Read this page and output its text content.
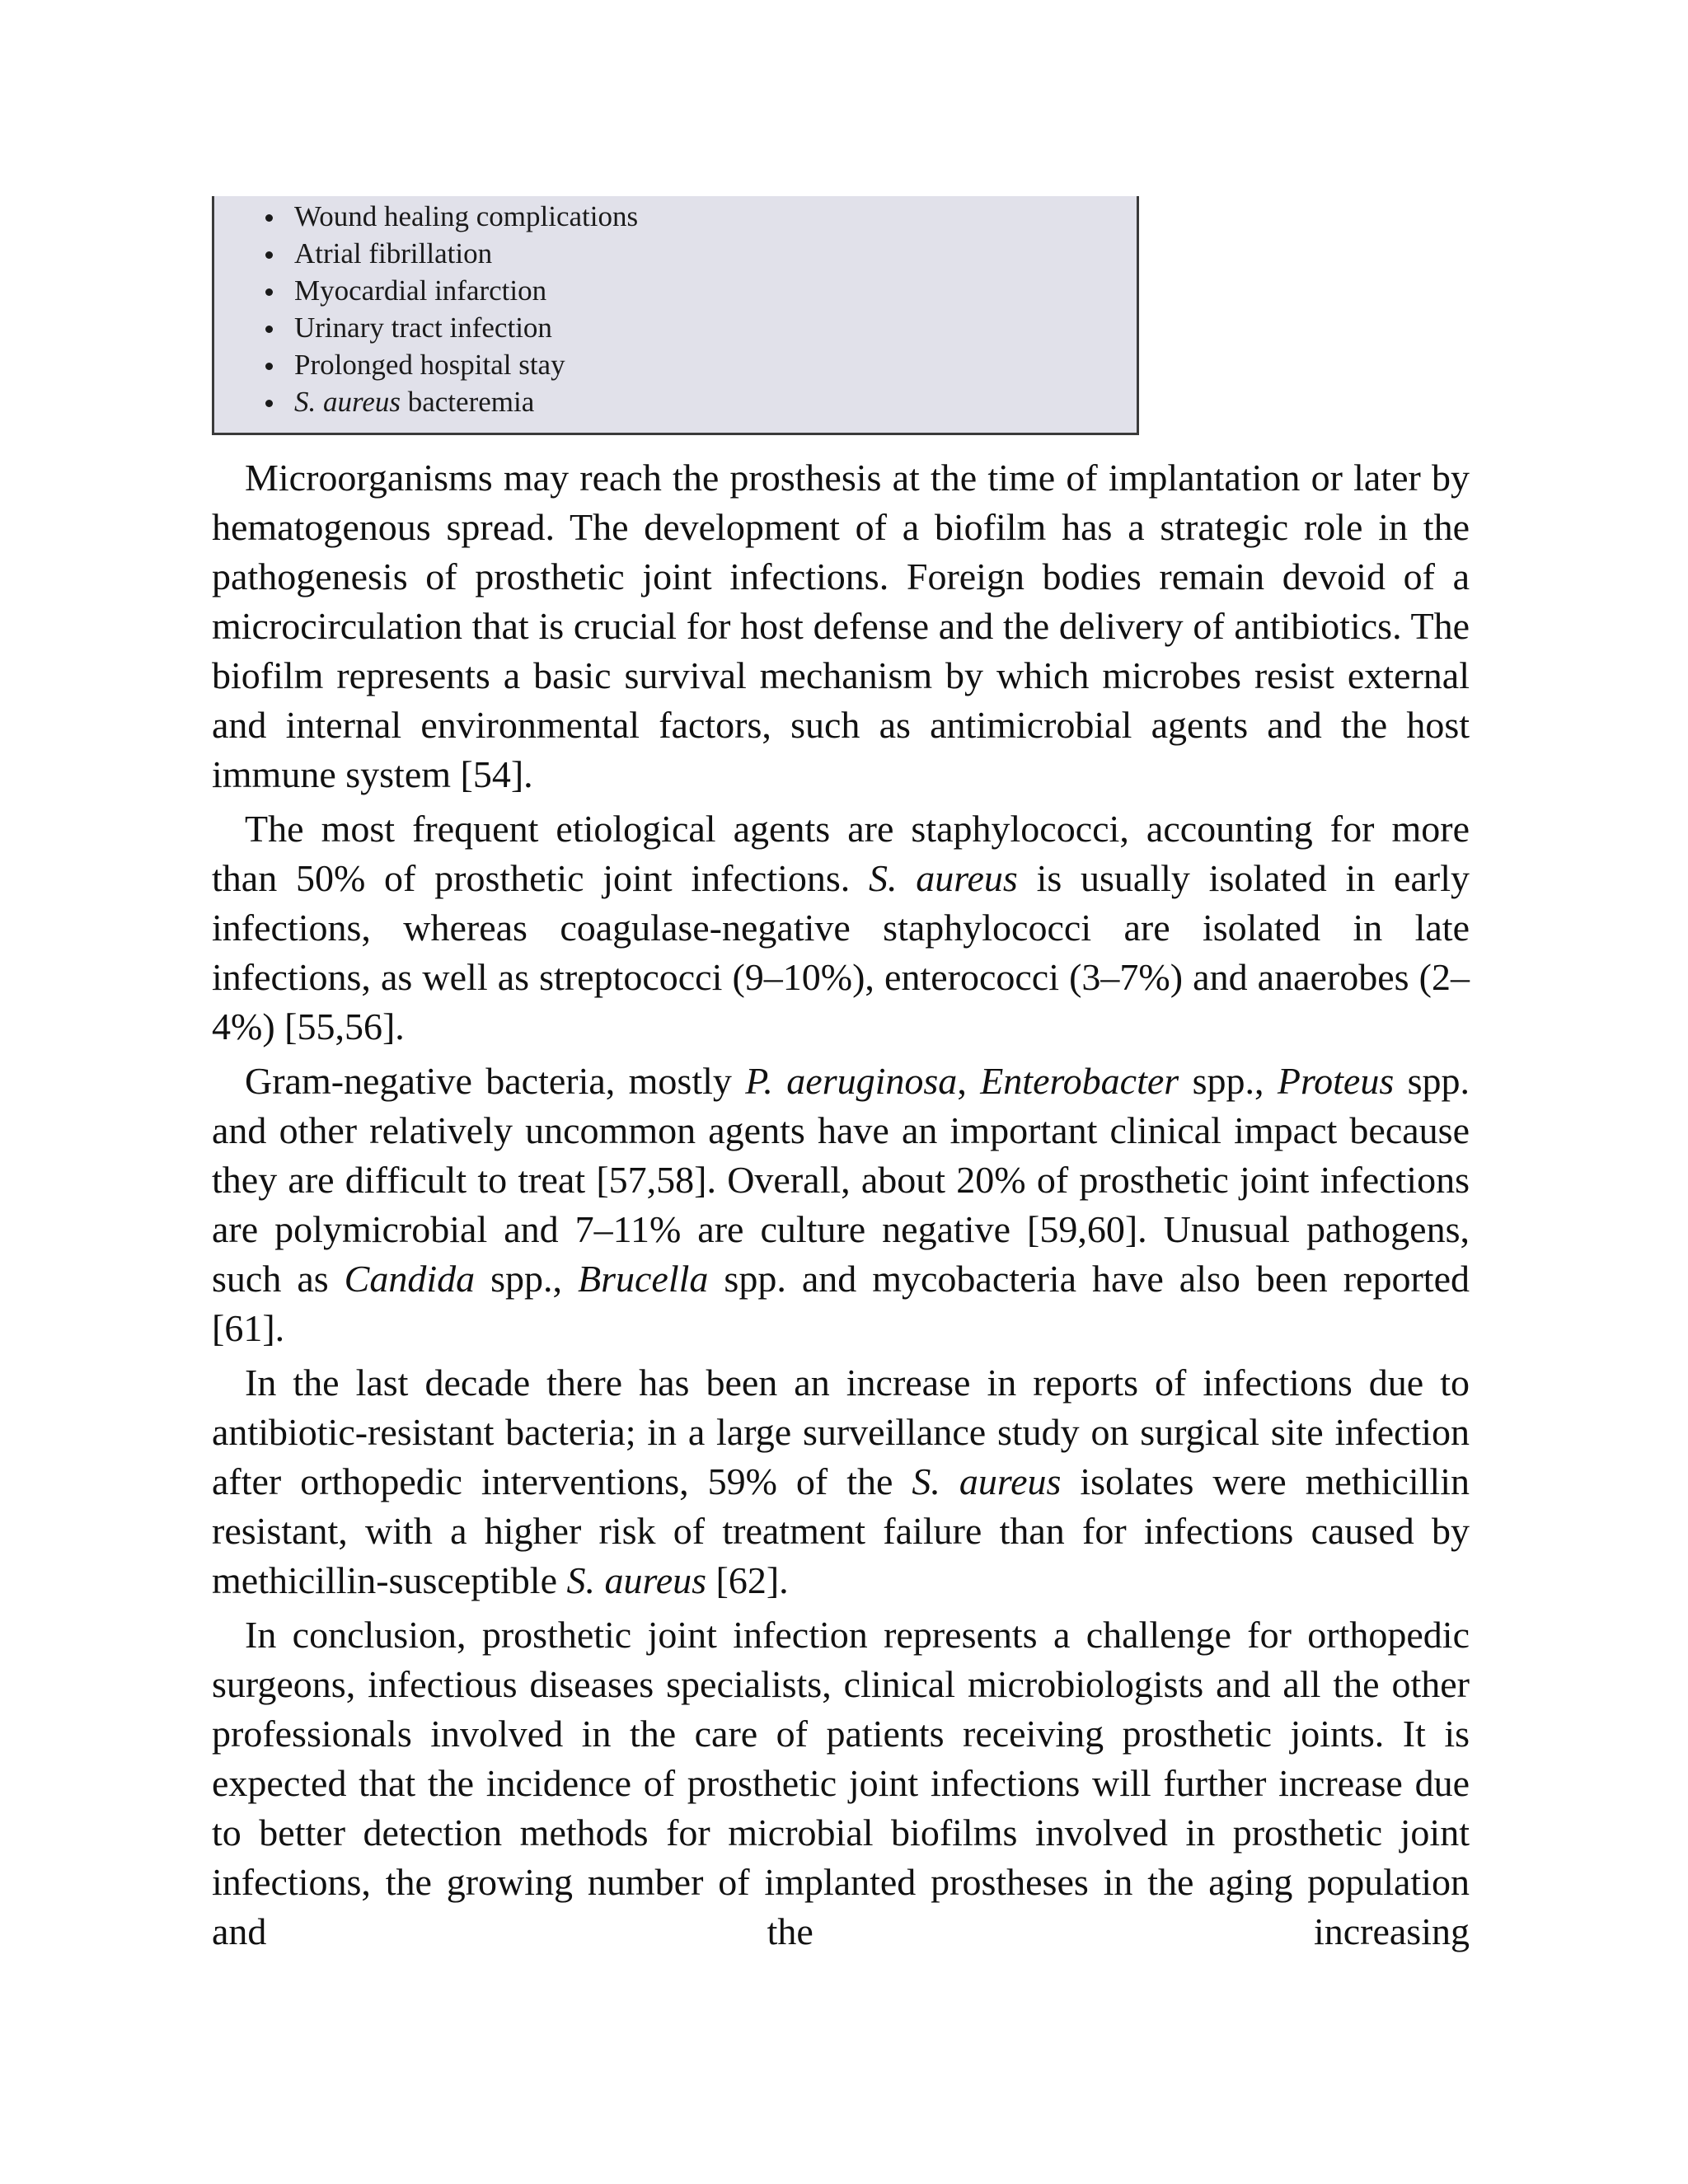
Wound healing complications
Atrial fibrillation
Myocardial infarction
Urinary tract infection
Prolonged hospital stay
S. aureus bacteremia

Microorganisms may reach the prosthesis at the time of implantation or later by hematogenous spread. The development of a biofilm has a strategic role in the pathogenesis of prosthetic joint infections. Foreign bodies remain devoid of a microcirculation that is crucial for host defense and the delivery of antibiotics. The biofilm represents a basic survival mechanism by which microbes resist external and internal environmental factors, such as antimicrobial agents and the host immune system [54].

The most frequent etiological agents are staphylococci, accounting for more than 50% of prosthetic joint infections. S. aureus is usually isolated in early infections, whereas coagulase-negative staphylococci are isolated in late infections, as well as streptococci (9–10%), enterococci (3–7%) and anaerobes (2–4%) [55,56].

Gram-negative bacteria, mostly P. aeruginosa, Enterobacter spp., Proteus spp. and other relatively uncommon agents have an important clinical impact because they are difficult to treat [57,58]. Overall, about 20% of prosthetic joint infections are polymicrobial and 7–11% are culture negative [59,60]. Unusual pathogens, such as Candida spp., Brucella spp. and mycobacteria have also been reported [61].

In the last decade there has been an increase in reports of infections due to antibiotic-resistant bacteria; in a large surveillance study on surgical site infection after orthopedic interventions, 59% of the S. aureus isolates were methicillin resistant, with a higher risk of treatment failure than for infections caused by methicillin-susceptible S. aureus [62].

In conclusion, prosthetic joint infection represents a challenge for orthopedic surgeons, infectious diseases specialists, clinical microbiologists and all the other professionals involved in the care of patients receiving prosthetic joints. It is expected that the incidence of prosthetic joint infections will further increase due to better detection methods for microbial biofilms involved in prosthetic joint infections, the growing number of implanted prostheses in the aging population and the increasing
